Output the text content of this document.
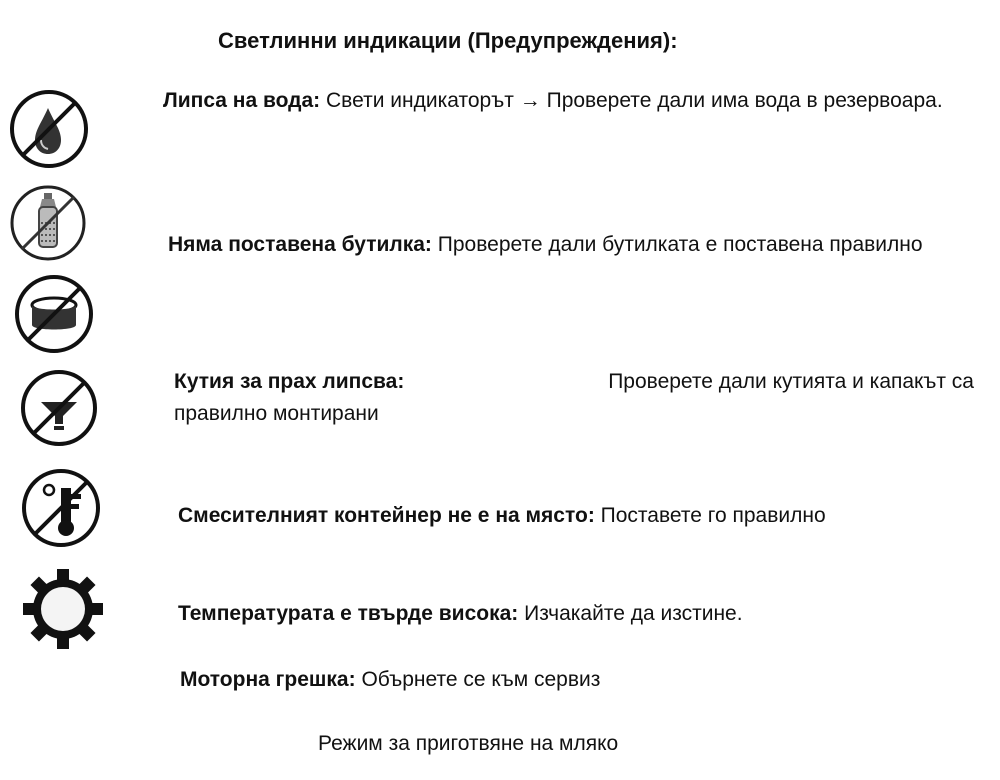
Светлинни индикации (Предупреждения):
Липса на вода: Свети индикаторът → Проверете дали има вода в резервоара.
Няма поставена бутилка: Проверете дали бутилката е поставена правилно
Кутия за прах липсва:	Проверете дали кутията и капакът са
правилно монтирани
Смесителният контейнер не е на място: Поставете го правилно
Температурата е твърде висока: Изчакайте да изстине.
Моторна грешка: Обърнете се към сервиз
Режим за приготвяне на мляко
